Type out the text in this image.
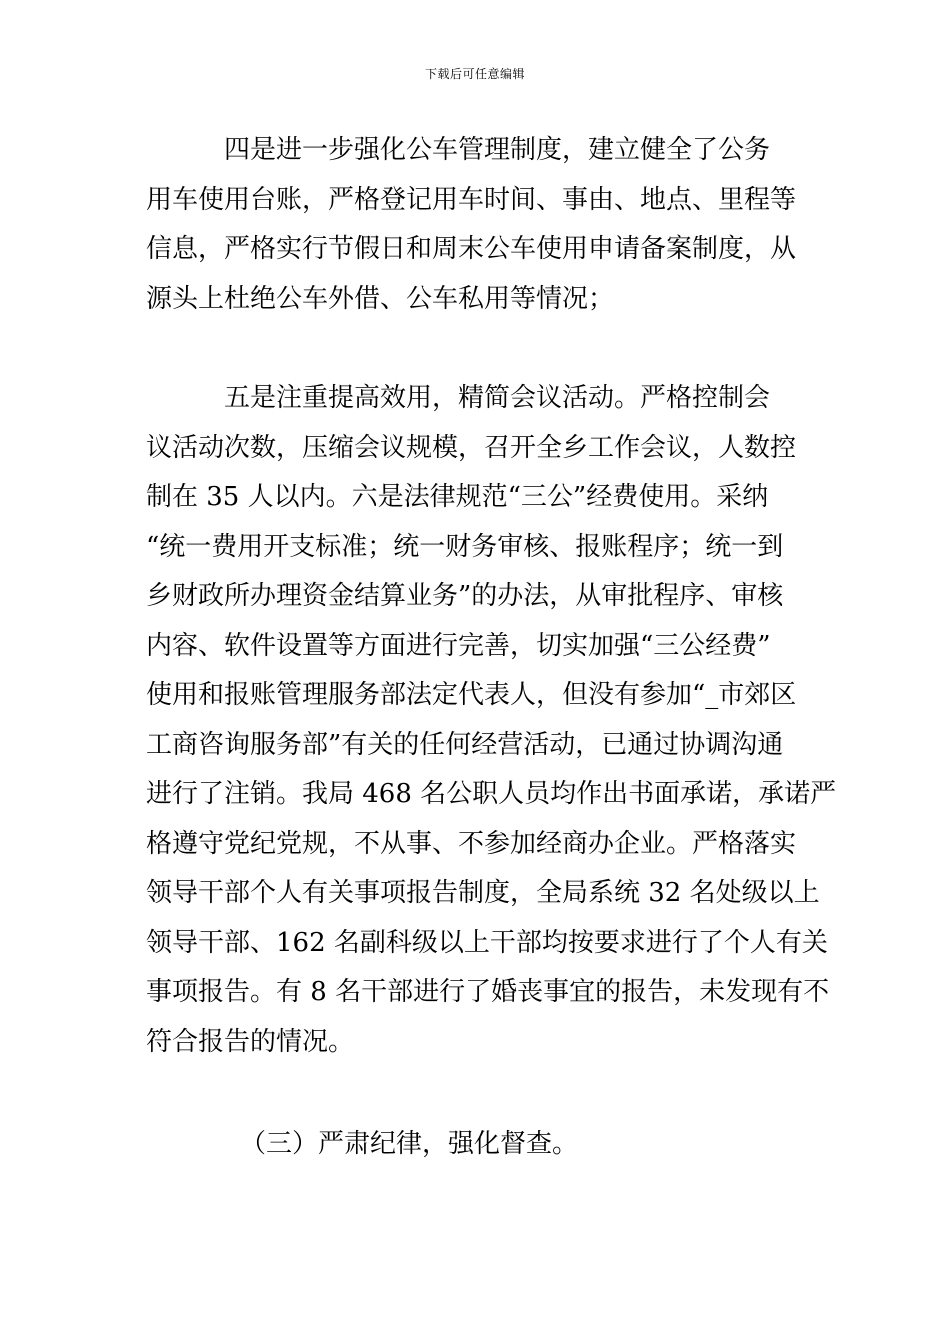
下载后可任意编辑
　　　四是进一步强化公车管理制度，建立健全了公务
用车使用台账，严格登记用车时间、事由、地点、里程等
信息，严格实行节假日和周末公车使用申请备案制度，从
源头上杜绝公车外借、公车私用等情况；
　　　五是注重提高效用，精简会议活动。严格控制会
议活动次数，压缩会议规模，召开全乡工作会议，人数控
制在 35 人以内。六是法律规范“三公”经费使用。采纳
“统一费用开支标准；统一财务审核、报账程序；统一到
乡财政所办理资金结算业务”的办法，从审批程序、审核
内容、软件设置等方面进行完善，切实加强“三公经费”
使用和报账管理服务部法定代表人，但没有参加“_市郊区
工商咨询服务部”有关的任何经营活动，已通过协调沟通
进行了注销。我局 468 名公职人员均作出书面承诺，承诺严
格遵守党纪党规，不从事、不参加经商办企业。严格落实
领导干部个人有关事项报告制度，全局系统 32 名处级以上
领导干部、162 名副科级以上干部均按要求进行了个人有关
事项报告。有 8 名干部进行了婚丧事宜的报告，未发现有不
符合报告的情况。
（三）严肃纪律，强化督查。
